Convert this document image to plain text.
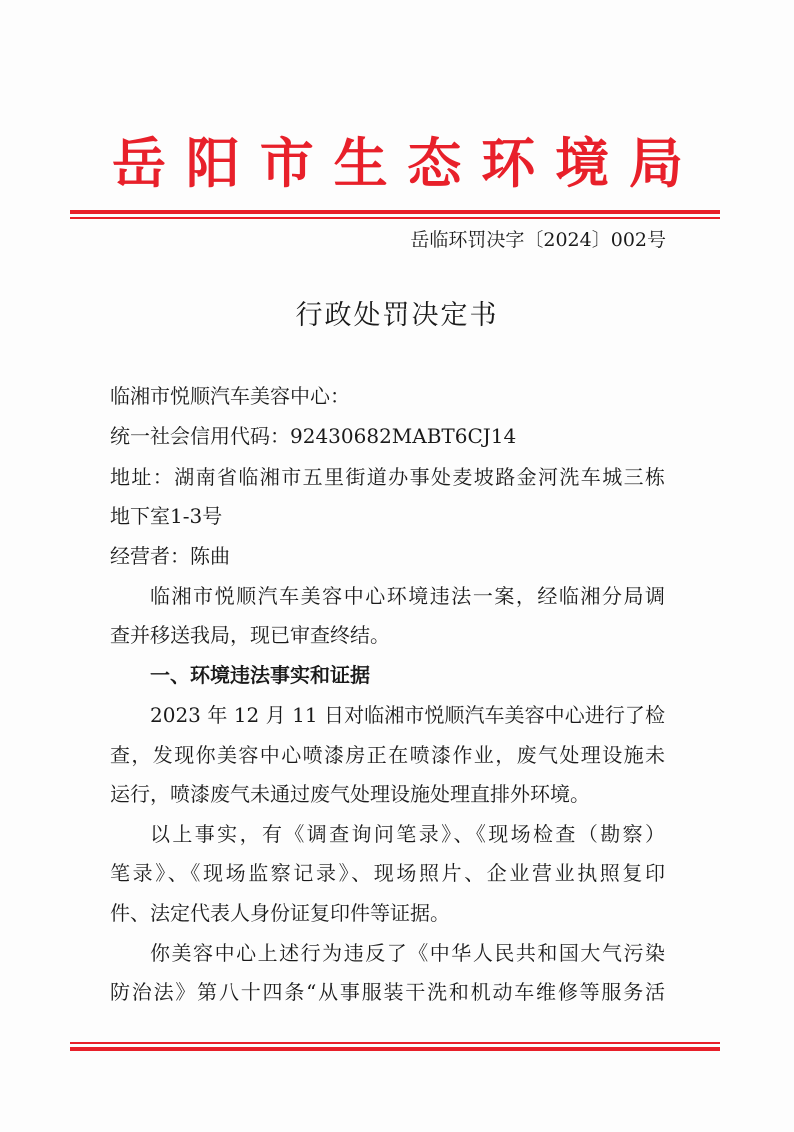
岳阳市生态环境局
岳临环罚决字〔2024〕002号
行政处罚决定书
临湘市悦顺汽车美容中心：
统一社会信用代码：92430682MABT6CJ14
地址：湖南省临湘市五里街道办事处麦坡路金河洗车城三栋
地下室1-3号
经营者：陈曲
临湘市悦顺汽车美容中心环境违法一案，经临湘分局调
查并移送我局，现已审查终结。
一、环境违法事实和证据
2023 年 12 月 11 日对临湘市悦顺汽车美容中心进行了检
查，发现你美容中心喷漆房正在喷漆作业，废气处理设施未
运行，喷漆废气未通过废气处理设施处理直排外环境。
以上事实，有《调查询问笔录》、《现场检查（勘察）
笔录》、《现场监察记录》、现场照片、企业营业执照复印
件、法定代表人身份证复印件等证据。
你美容中心上述行为违反了《中华人民共和国大气污染
防治法》第八十四条“从事服装干洗和机动车维修等服务活
